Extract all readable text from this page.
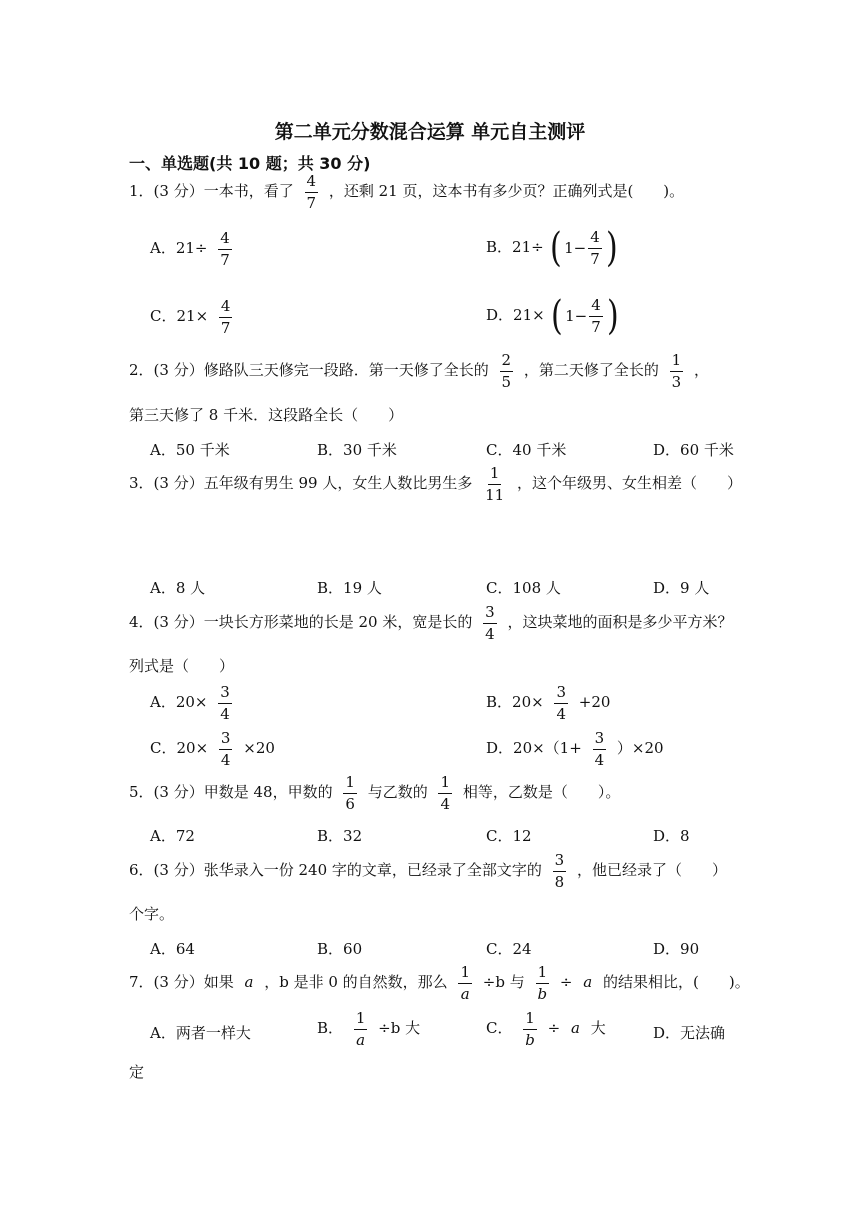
第二单元分数混合运算 单元自主测评
一、单选题(共 10 题；共 30 分)
1．(3 分）一本书，看了 $\frac{4}{7}$ ，还剩 21 页，这本书有多少页？正确列式是(　　)。
A．$21\div \frac{4}{7}$	B．21÷ ( $1- \frac{4}{7}$ )
C．$21\times \frac{4}{7}$	D．21× ( $1- \frac{4}{7}$ )
2．(3 分）修路队三天修完一段路．第一天修了全长的 $\frac{2}{5}$ ，第二天修了全长的 $\frac{1}{3}$ ，
第三天修了 8 千米．这段路全长（　　）
A．50 千米	B．30 千米	C．40 千米	D．60 千米
3．(3 分）五年级有男生 99 人，女生人数比男生多 $\frac{1}{11}$ ，这个年级男、女生相差（　　）
A．8 人	B．19 人	C．108 人	D．9 人
4．(3 分）一块长方形菜地的长是 20 米，宽是长的 $\frac{3}{4}$ ，这块菜地的面积是多少平方米？
列式是（　　）
A．$20\times \frac{3}{4}$	B．$20\times \frac{3}{4} +20$
C．$20\times \frac{3}{4} \times 20$	D．$20\times(1+ \frac{3}{4} )\times 20$
5．(3 分）甲数是 48，甲数的 $\frac{1}{6}$ 与乙数的 $\frac{1}{4}$ 相等，乙数是（　　）。
A．72	B．32	C．12	D．8
6．(3 分）张华录入一份 240 字的文章，已经录了全部文字的 $\frac{3}{8}$ ，他已经录了（　　）
个字。
A．64	B．60	C．24	D．90
7．(3 分）如果 a ，b 是非 0 的自然数，那么 $\frac{1}{a} \div b$ 与 $\frac{1}{b} \div a$ 的结果相比，(　　)。
A．两者一样大	B． $\frac{1}{a} \div b$ 大	C． $\frac{1}{b} \div a$ 大	D．无法确
定
